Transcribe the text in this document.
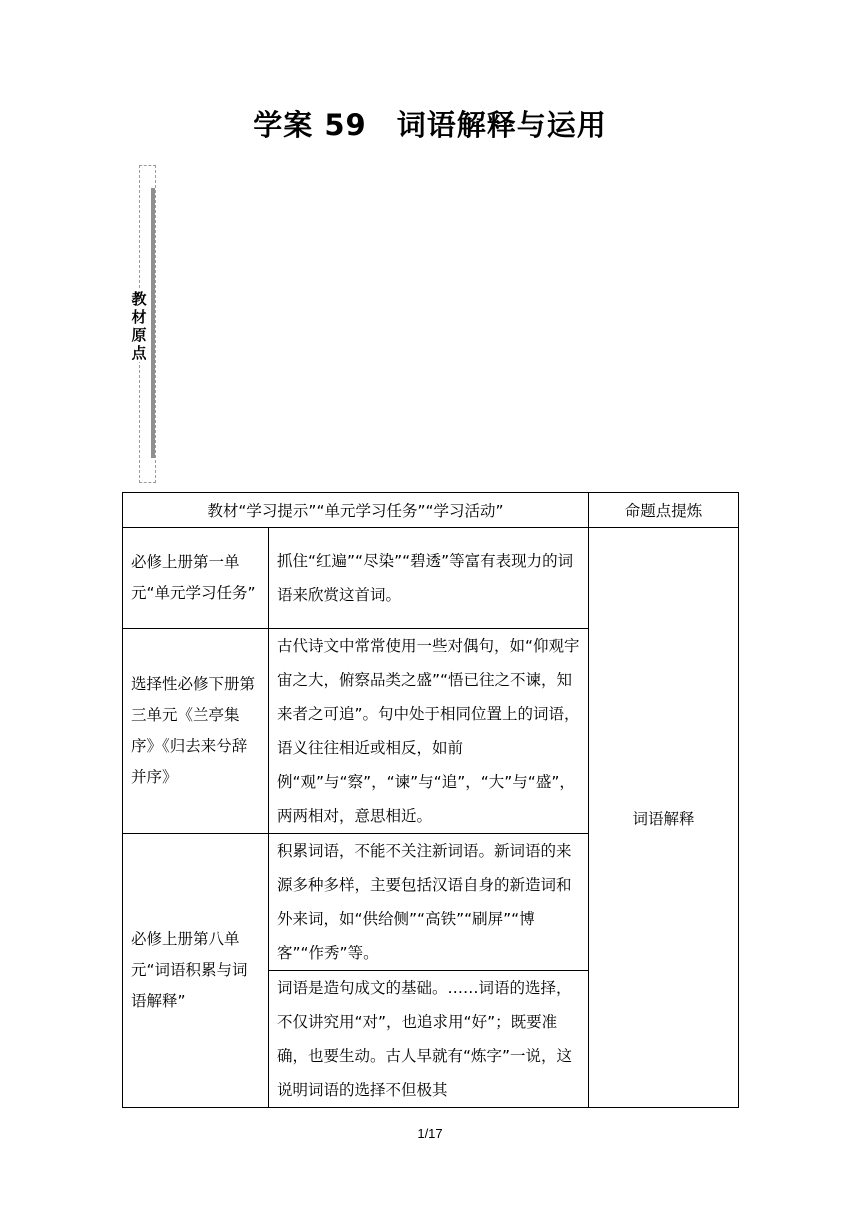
学案 59　词语解释与运用
教
材
原
点
教材“学习提示”“单元学习任务”“学习活动”		命题点提炼
必修上册第一单元“单元学习任务”	抓住“红遍”“尽染”“碧透”等富有表现力的词语来欣赏这首词。	词语解释
选择性必修下册第三单元《兰亭集序》《归去来兮辞并序》	古代诗文中常常使用一些对偶句，如“仰观宇宙之大，俯察品类之盛”“悟已往之不谏，知来者之可追”。句中处于相同位置上的词语，语义往往相近或相反，如前例“观”与“察”，“谏”与“追”，“大”与“盛”，两两相对，意思相近。	
必修上册第八单元“词语积累与词语解释”	积累词语，不能不关注新词语。新词语的来源多种多样，主要包括汉语自身的新造词和外来词，如“供给侧”“高铁”“刷屏”“博客”“作秀”等。	
	词语是造句成文的基础。……词语的选择，不仅讲究用“对”，也追求用“好”；既要准确，也要生动。古人早就有“炼字”一说，这说明词语的选择不但极其	
1/17
